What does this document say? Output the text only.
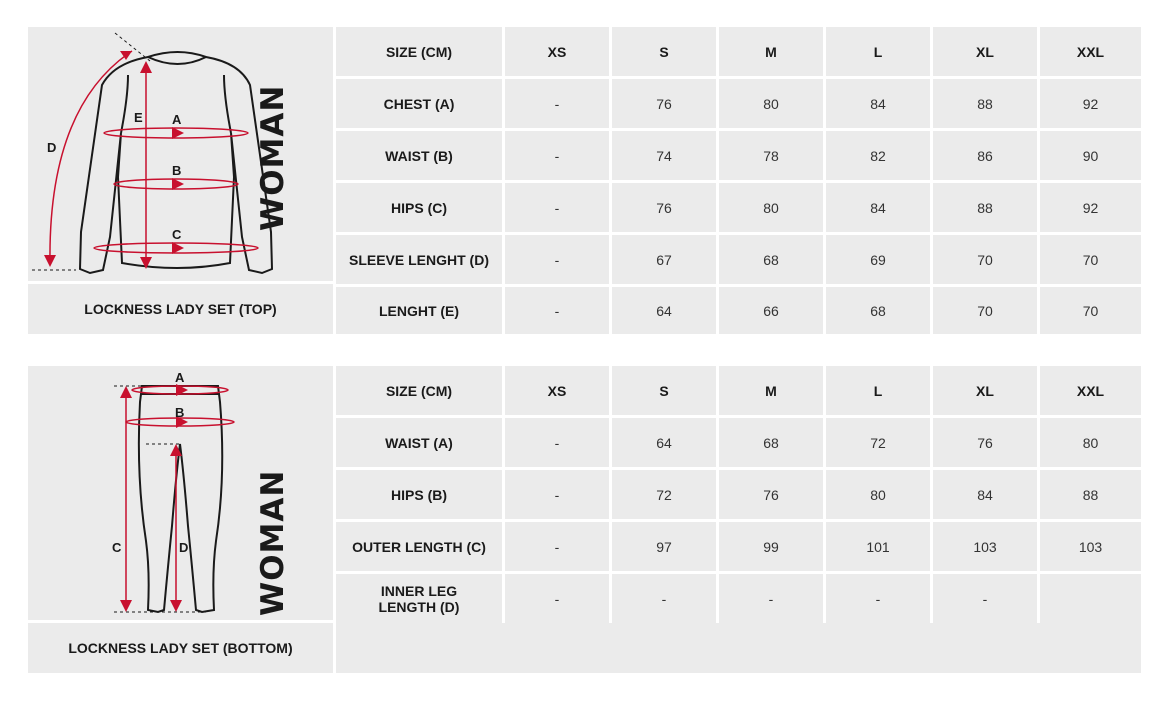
D
E A
B
C
WOMAN
LOCKNESS LADY SET (TOP)
SIZE (CM)	XS	S	M	L	XL	XXL
CHEST (A)	-	76	80	84	88	92
WAIST (B)	-	74	78	82	86	90
HIPS (C)	-	76	80	84	88	92
SLEEVE LENGHT (D)	-	67	68	69	70	70
LENGHT (E)	-	64	66	68	70	70
A
B
C	D WOMAN
LOCKNESS LADY SET (BOTTOM)
SIZE (CM)	XS	S	M	L	XL	XXL
WAIST (A)	-	64	68	72	76	80
HIPS (B)	-	72	76	80	84	88
OUTER LENGTH (C)	-	97	99	101	103	103
INNER LEG LENGTH (D)	-	-	-	-	-
